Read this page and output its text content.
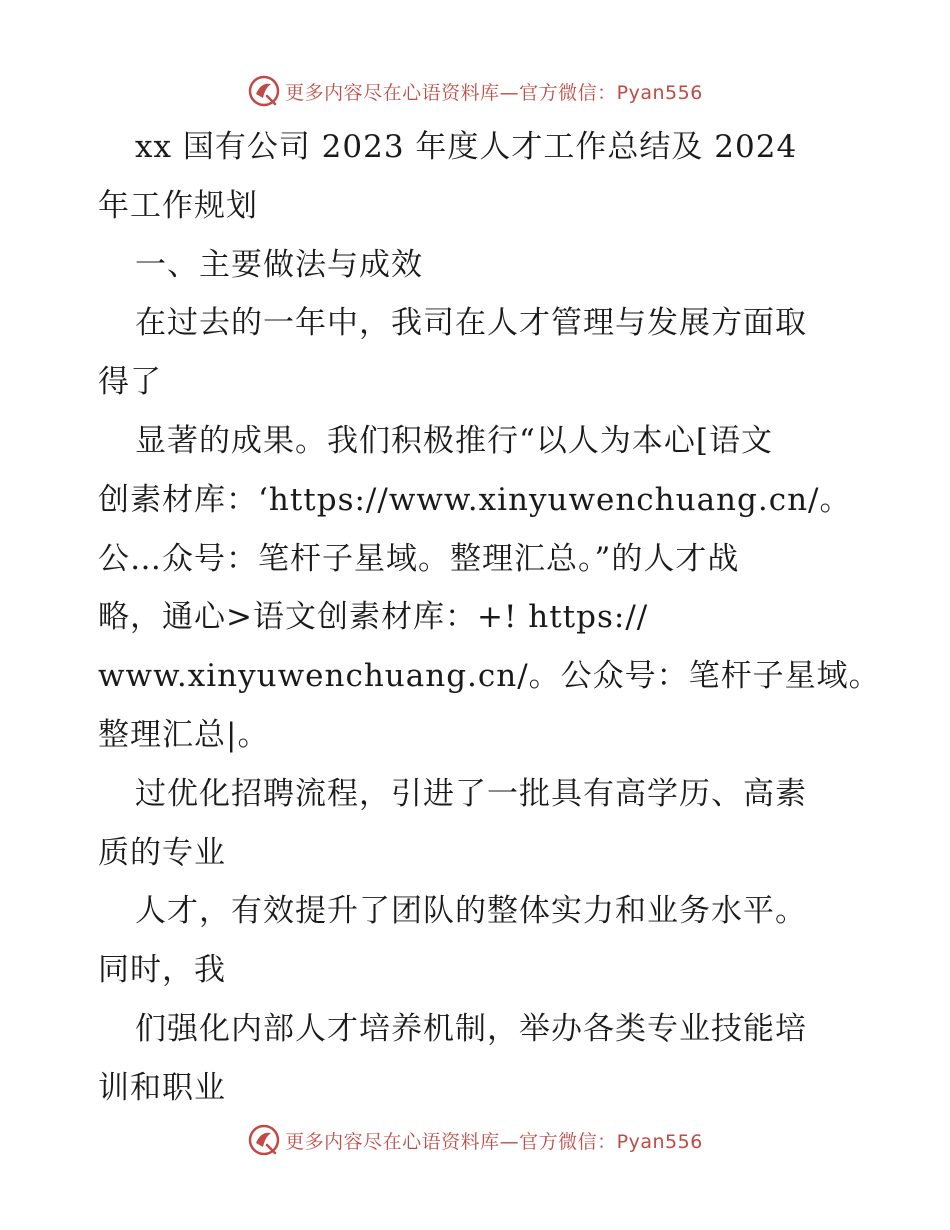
更多内容尽在心语资料库—官方微信：Pyan556
xx 国有公司 2023 年度人才工作总结及 2024
年工作规划
一、主要做法与成效
在过去的一年中，我司在人才管理与发展方面取
得了
显著的成果。我们积极推行“以人为本心[语文
创素材库：‘https://www.xinyuwenchuang.cn/。
公…众号：笔杆子星域。整理汇总。”的人才战
略，通心>语文创素材库：+! https://
www.xinyuwenchuang.cn/。公众号：笔杆子星域。
整理汇总|。
过优化招聘流程，引进了一批具有高学历、高素
质的专业
人才，有效提升了团队的整体实力和业务水平。
同时，我
们强化内部人才培养机制，举办各类专业技能培
训和职业
更多内容尽在心语资料库—官方微信：Pyan556
